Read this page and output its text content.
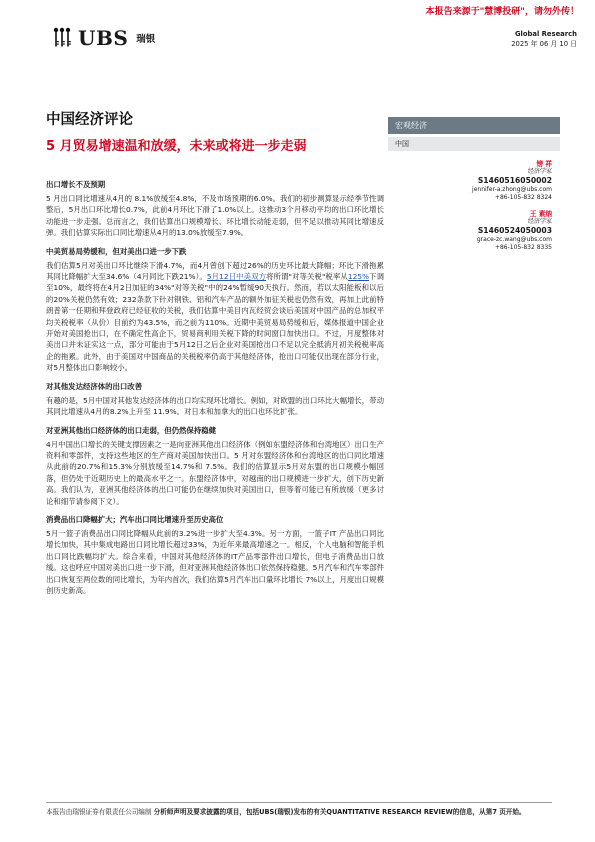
本报告来源于"慧博投研"，请勿外传！
UBS 瑞银	Global Research
2025 年 06 月 10 日
中国经济评论
5 月贸易增速温和放缓，未来或将进一步走弱
宏观经济
中国
镑 祥
经济学家
S1460516050002
jennifer-a.zhong@ubs.com
+86-105-832 8324
王 素纳
经济学家
S1460524050003
grace-zc.wang@ubs.com
+86-105-832 8335
出口增长不及预期

5 月出口同比增速从4月的 8.1%放缓至4.8%，不及市场预期的6.0%。我们的初步测算显示经季节性调整后，5月出口环比增长0.7%，此前4月环比下滑了1.0%以上。这推动3个月移动平均的出口环比增长动能进一步走强。总而言之，我们估算出口规模增长、环比增长动能走弱，但不足以推动其同比增速反弹。我们估算实际出口同比增速从4月的13.0%放缓至7.9%。

中美贸易局势缓和，但对美出口进一步下跌

我们估算5月对美出口环比继续下滑4.7%，而4月曾创下超过26%的历史环比最大降幅；环比下滑拖累其同比降幅扩大至34.6%（4月同比下跌21%）。5月12日中美双方将所谓"对等关税"税率从125%下调至10%，最终将在4月2日加征的34%"对等关税"中的24%暂缓90天执行。然而，若以太阳能板和以后的20%关税仍然有效；232条款下针对钢铁、铝和汽车产品的额外加征关税也仍然有效，再加上此前特朗普第一任期和拜登政府已经征收的关税，我们估算中美目内瓦经贸会谈后美国对中国产品的总加权平均关税税率（从价）目前约为43.5%，而之前为110%。近期中美贸易局势缓和后，媒体报道中国企业开始对美国抢出口，在不确定性高企下，贸易商利用关税下降的时间窗口加快出口。不过，月度整体对美出口并未证实这一点，部分可能由于5月12日之后企业对美国抢出口不足以完全抵消月初关税税率高企的拖累。此外，由于美国对中国商品的关税税率仍高于其他经济体，抢出口可能仅出现在部分行业，对5月整体出口影响较小。

对其他发达经济体的出口改善

有趣的是，5月中国对其他发达经济体的出口均实现环比增长。例如，对欧盟的出口环比大幅增长，带动其同比增速从4月的8.2%上升至 11.9%。对日本和加拿大的出口也环比扩张。

对亚洲其他出口经济体的出口走弱，但仍然保持稳健

4月中国出口增长的关键支撑因素之一是向亚洲其他出口经济体（例如东盟经济体和台湾地区）出口生产资料和零部件，支持这些地区的生产商对美国加快出口。5 月对东盟经济体和台湾地区的出口同比增速从此前的20.7%和15.3%分别放缓至14.7%和 7.5%。我们的估算显示5月对东盟的出口规模小幅回落，但仍处于近期历史上的最高水平之一。东盟经济体中，对越南的出口规模进一步扩大，创下历史新高。我们认为，亚洲其他经济体的出口可能仍在继续加快对美国出口，但等着可能已有所放缓（更多讨论和细节请参阅下文）。

消费品出口降幅扩大；汽车出口同比增速升至历史高位

5月一篮子消费品出口同比降幅从此前的3.2%进一步扩大至4.3%。另一方面，一篮子IT 产品出口同比增长加快，其中集成电路出口同比增长超过33%，为近年来最高增速之一。相反，个人电脑和智能手机出口同比跌幅均扩大。综合来看，中国对其他经济体的IT产品零部件出口增长，但电子消费品出口放缓。这也呼应中国对美出口进一步下滑，但对亚洲其他经济体出口依然保持稳健。5月汽车和汽车零部件出口恢复至两位数的同比增长，为年内首次，我们估算5月汽车出口量环比增长 7%以上，月度出口规模创历史新高。

本报告由瑞银证券有限责任公司编制 分析师声明及要求披露的项目，包括UBS(瑞银)发布的有关QUANTITATIVE RESEARCH REVIEW的信息，从第7 页开始。
